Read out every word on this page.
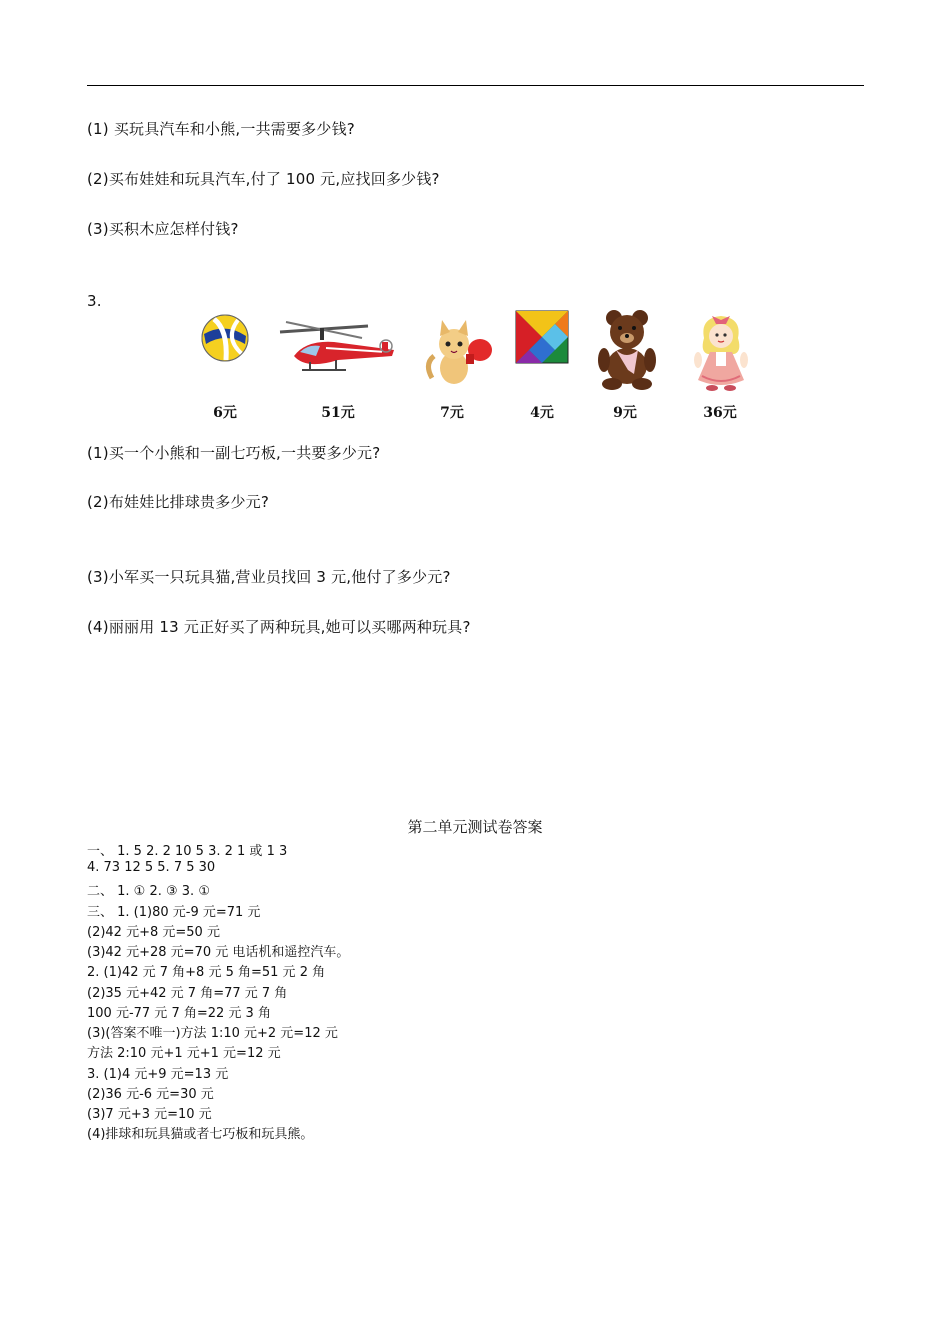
(1) 买玩具汽车和小熊,一共需要多少钱?
(2)买布娃娃和玩具汽车,付了 100 元,应找回多少钱?
(3)买积木应怎样付钱?
3.
6元	51元	7元	4元	9元	36元
(1)买一个小熊和一副七巧板,一共要多少元?
(2)布娃娃比排球贵多少元?
(3)小军买一只玩具猫,营业员找回 3 元,他付了多少元?
(4)丽丽用 13 元正好买了两种玩具,她可以买哪两种玩具?
第二单元测试卷答案
一、 1. 5 2. 2 10 5 3. 2 1 或 1 3
4. 73 12 5 5. 7 5 30
二、 1. ① 2. ③ 3. ①
三、 1. (1)80 元-9 元=71 元
(2)42 元+8 元=50 元
(3)42 元+28 元=70 元 电话机和遥控汽车。
2. (1)42 元 7 角+8 元 5 角=51 元 2 角
(2)35 元+42 元 7 角=77 元 7 角
100 元-77 元 7 角=22 元 3 角
(3)(答案不唯一)方法 1:10 元+2 元=12 元
方法 2:10 元+1 元+1 元=12 元
3. (1)4 元+9 元=13 元
(2)36 元-6 元=30 元
(3)7 元+3 元=10 元
(4)排球和玩具猫或者七巧板和玩具熊。
